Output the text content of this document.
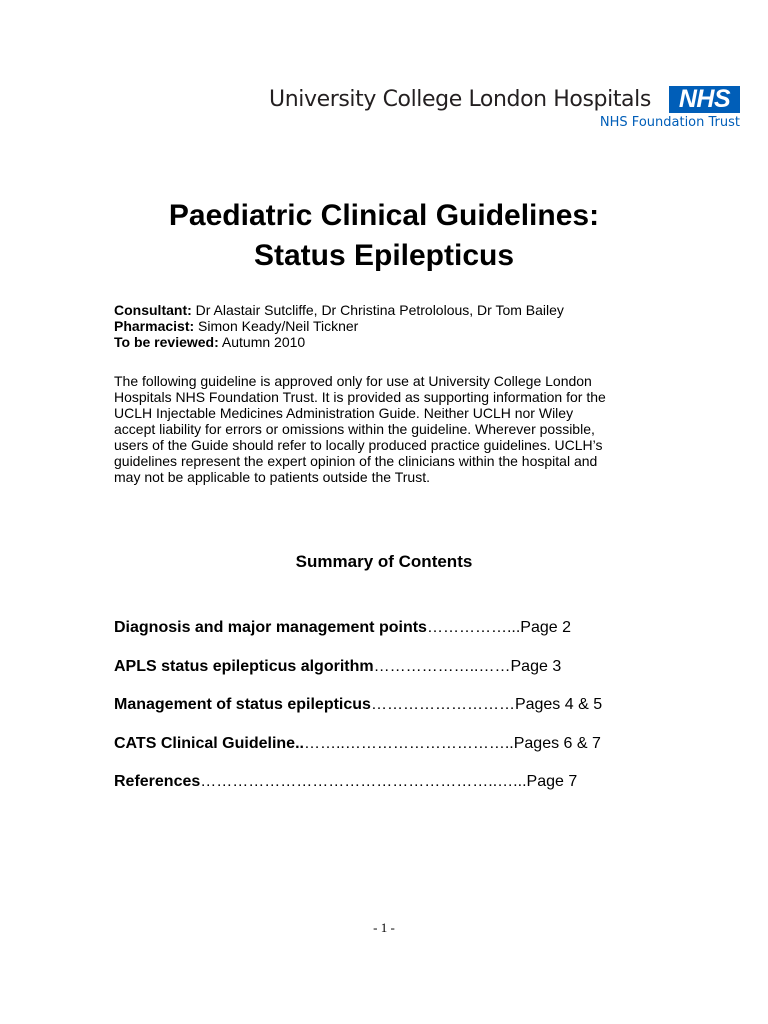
University College London Hospitals	NHS
NHS Foundation Trust
Paediatric Clinical Guidelines:
Status Epilepticus
Consultant: Dr Alastair Sutcliffe, Dr Christina Petrololous, Dr Tom Bailey
Pharmacist: Simon Keady/Neil Tickner
To be reviewed: Autumn 2010
The following guideline is approved only for use at University College London
Hospitals NHS Foundation Trust. It is provided as supporting information for the
UCLH Injectable Medicines Administration Guide. Neither UCLH nor Wiley
accept liability for errors or omissions within the guideline. Wherever possible,
users of the Guide should refer to locally produced practice guidelines. UCLH’s
guidelines represent the expert opinion of the clinicians within the hospital and
may not be applicable to patients outside the Trust.
Summary of Contents
Diagnosis and major management points……………...Page 2
APLS status epilepticus algorithm………………..……Page 3
Management of status epilepticus………………………Pages 4 & 5
CATS Clinical Guideline..……..…………………………..Pages 6 & 7
References………………………………………………..…...Page 7
- 1 -
